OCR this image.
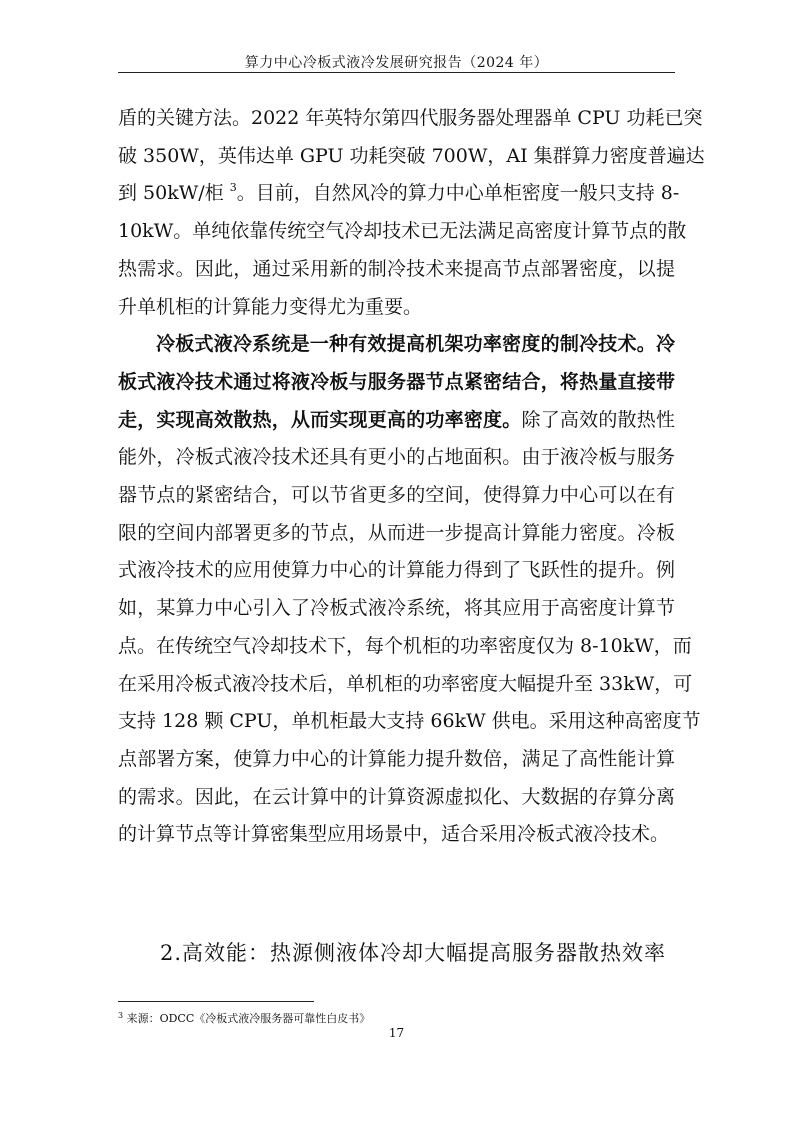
算力中心冷板式液冷发展研究报告（2024 年）
盾的关键方法。2022 年英特尔第四代服务器处理器单 CPU 功耗已突
破 350W，英伟达单 GPU 功耗突破 700W，AI 集群算力密度普遍达
到 50kW/柜 $^3$。目前，自然风冷的算力中心单柜密度一般只支持 8-
10kW。单纯依靠传统空气冷却技术已无法满足高密度计算节点的散
热需求。因此，通过采用新的制冷技术来提高节点部署密度，以提
升单机柜的计算能力变得尤为重要。
冷板式液冷系统是一种有效提高机架功率密度的制冷技术。冷
板式液冷技术通过将液冷板与服务器节点紧密结合，将热量直接带
走，实现高效散热，从而实现更高的功率密度。除了高效的散热性
能外，冷板式液冷技术还具有更小的占地面积。由于液冷板与服务
器节点的紧密结合，可以节省更多的空间，使得算力中心可以在有
限的空间内部署更多的节点，从而进一步提高计算能力密度。冷板
式液冷技术的应用使算力中心的计算能力得到了飞跃性的提升。例
如，某算力中心引入了冷板式液冷系统，将其应用于高密度计算节
点。在传统空气冷却技术下，每个机柜的功率密度仅为 8-10kW，而
在采用冷板式液冷技术后，单机柜的功率密度大幅提升至 33kW，可
支持 128 颗 CPU，单机柜最大支持 66kW 供电。采用这种高密度节
点部署方案，使算力中心的计算能力提升数倍，满足了高性能计算
的需求。因此，在云计算中的计算资源虚拟化、大数据的存算分离
的计算节点等计算密集型应用场景中，适合采用冷板式液冷技术。
2.高效能：热源侧液体冷却大幅提高服务器散热效率
$^3$ 来源：ODCC《冷板式液冷服务器可靠性白皮书》
17
